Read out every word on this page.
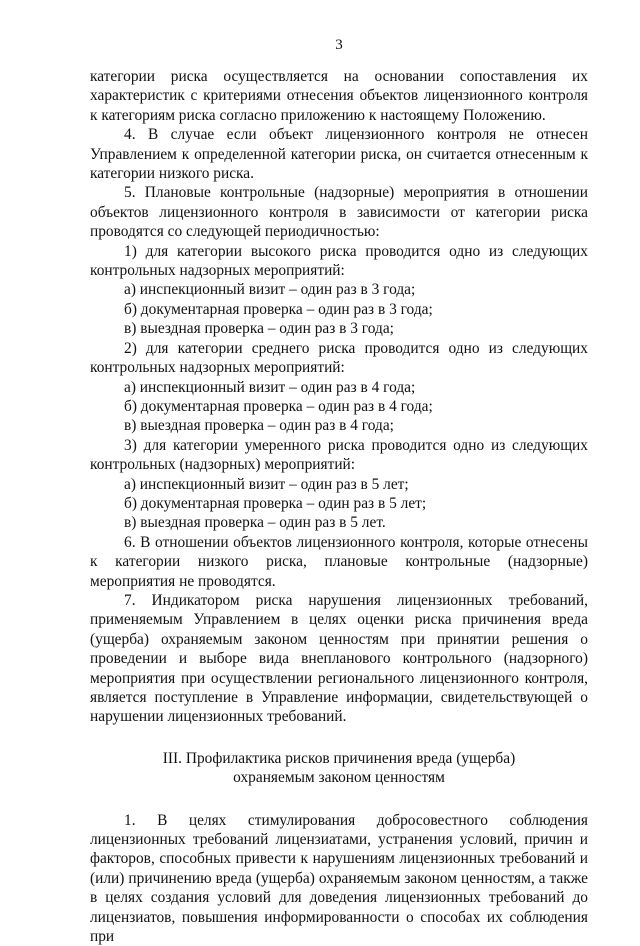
3

категории риска осуществляется на основании сопоставления их характеристик с критериями отнесения объектов лицензионного контроля к категориям риска согласно приложению к настоящему Положению.

4. В случае если объект лицензионного контроля не отнесен Управлением к определенной категории риска, он считается отнесенным к категории низкого риска.

5. Плановые контрольные (надзорные) мероприятия в отношении объектов лицензионного контроля в зависимости от категории риска проводятся со следующей периодичностью:

1) для категории высокого риска проводится одно из следующих контрольных надзорных мероприятий:

а) инспекционный визит – один раз в 3 года;

б) документарная проверка – один раз в 3 года;

в) выездная проверка – один раз в 3 года;

2) для категории среднего риска проводится одно из следующих контрольных надзорных мероприятий:

а) инспекционный визит – один раз в 4 года;

б) документарная проверка – один раз в 4 года;

в) выездная проверка – один раз в 4 года;

3) для категории умеренного риска проводится одно из следующих контрольных (надзорных) мероприятий:

а) инспекционный визит – один раз в 5 лет;

б) документарная проверка – один раз в 5 лет;

в) выездная проверка – один раз в 5 лет.

6. В отношении объектов лицензионного контроля, которые отнесены к категории низкого риска, плановые контрольные (надзорные) мероприятия не проводятся.

7. Индикатором риска нарушения лицензионных требований, применяемым Управлением в целях оценки риска причинения вреда (ущерба) охраняемым законом ценностям при принятии решения о проведении и выборе вида внепланового контрольного (надзорного) мероприятия при осуществлении регионального лицензионного контроля, является поступление в Управление информации, свидетельствующей о нарушении лицензионных требований.

III. Профилактика рисков причинения вреда (ущерба)
охраняемым законом ценностям

1. В целях стимулирования добросовестного соблюдения лицензионных требований лицензиатами, устранения условий, причин и факторов, способных привести к нарушениям лицензионных требований и (или) причинению вреда (ущерба) охраняемым законом ценностям, а также в целях создания условий для доведения лицензионных требований до лицензиатов, повышения информированности о способах их соблюдения при
